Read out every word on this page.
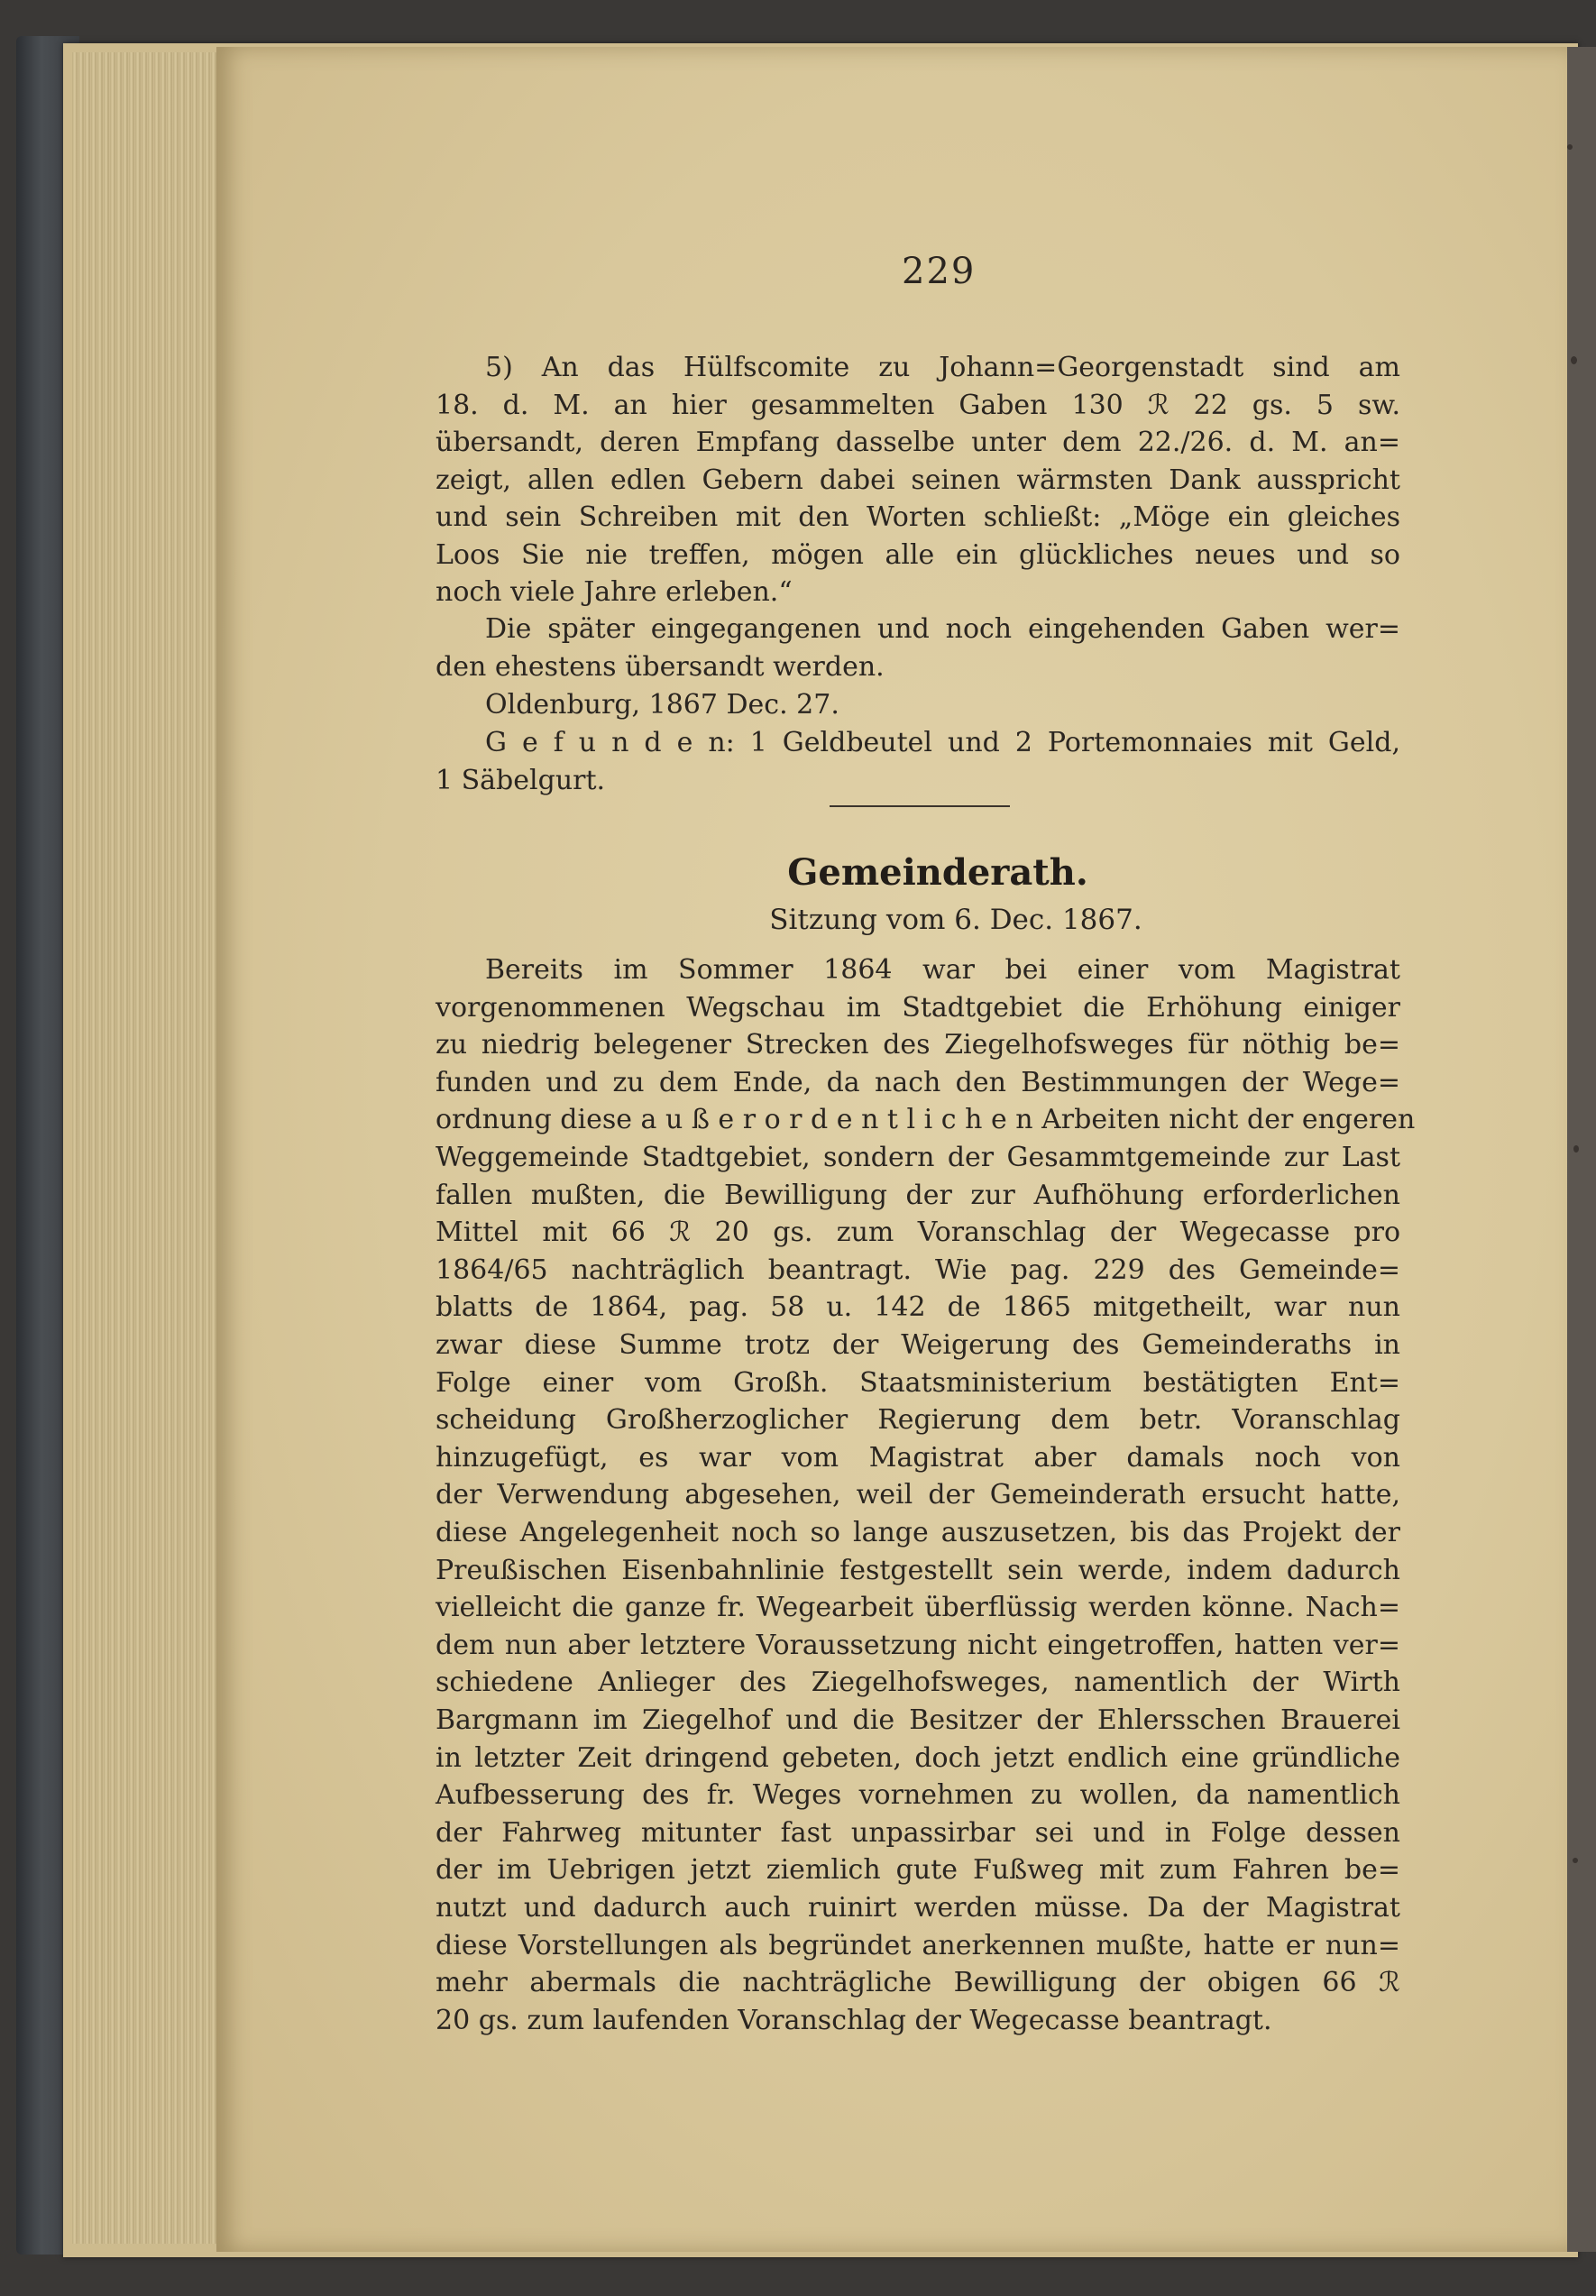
229
5) An das Hülfscomite zu Johann=Georgenstadt sind am
18. d. M. an hier gesammelten Gaben 130 ℛ 22 gs. 5 sw.
übersandt, deren Empfang dasselbe unter dem 22./26. d. M. an=
zeigt, allen edlen Gebern dabei seinen wärmsten Dank ausspricht
und sein Schreiben mit den Worten schließt: „Möge ein gleiches
Loos Sie nie treffen, mögen alle ein glückliches neues und so
noch viele Jahre erleben.“
Die später eingegangenen und noch eingehenden Gaben wer=
den ehestens übersandt werden.
Oldenburg, 1867 Dec. 27.
G e f u n d e n: 1 Geldbeutel und 2 Portemonnaies mit Geld,
1 Säbelgurt.
Gemeinderath.
Sitzung vom 6. Dec. 1867.
Bereits im Sommer 1864 war bei einer vom Magistrat
vorgenommenen Wegschau im Stadtgebiet die Erhöhung einiger
zu niedrig belegener Strecken des Ziegelhofsweges für nöthig be=
funden und zu dem Ende, da nach den Bestimmungen der Wege=
ordnung diese a u ß e r o r d e n t l i c h e n Arbeiten nicht der engeren
Weggemeinde Stadtgebiet, sondern der Gesammtgemeinde zur Last
fallen mußten, die Bewilligung der zur Aufhöhung erforderlichen
Mittel mit 66 ℛ 20 gs. zum Voranschlag der Wegecasse pro
1864/65 nachträglich beantragt. Wie pag. 229 des Gemeinde=
blatts de 1864, pag. 58 u. 142 de 1865 mitgetheilt, war nun
zwar diese Summe trotz der Weigerung des Gemeinderaths in
Folge einer vom Großh. Staatsministerium bestätigten Ent=
scheidung Großherzoglicher Regierung dem betr. Voranschlag
hinzugefügt, es war vom Magistrat aber damals noch von
der Verwendung abgesehen, weil der Gemeinderath ersucht hatte,
diese Angelegenheit noch so lange auszusetzen, bis das Projekt der
Preußischen Eisenbahnlinie festgestellt sein werde, indem dadurch
vielleicht die ganze fr. Wegearbeit überflüssig werden könne. Nach=
dem nun aber letztere Voraussetzung nicht eingetroffen, hatten ver=
schiedene Anlieger des Ziegelhofsweges, namentlich der Wirth
Bargmann im Ziegelhof und die Besitzer der Ehlersschen Brauerei
in letzter Zeit dringend gebeten, doch jetzt endlich eine gründliche
Aufbesserung des fr. Weges vornehmen zu wollen, da namentlich
der Fahrweg mitunter fast unpassirbar sei und in Folge dessen
der im Uebrigen jetzt ziemlich gute Fußweg mit zum Fahren be=
nutzt und dadurch auch ruinirt werden müsse. Da der Magistrat
diese Vorstellungen als begründet anerkennen mußte, hatte er nun=
mehr abermals die nachträgliche Bewilligung der obigen 66 ℛ
20 gs. zum laufenden Voranschlag der Wegecasse beantragt.
